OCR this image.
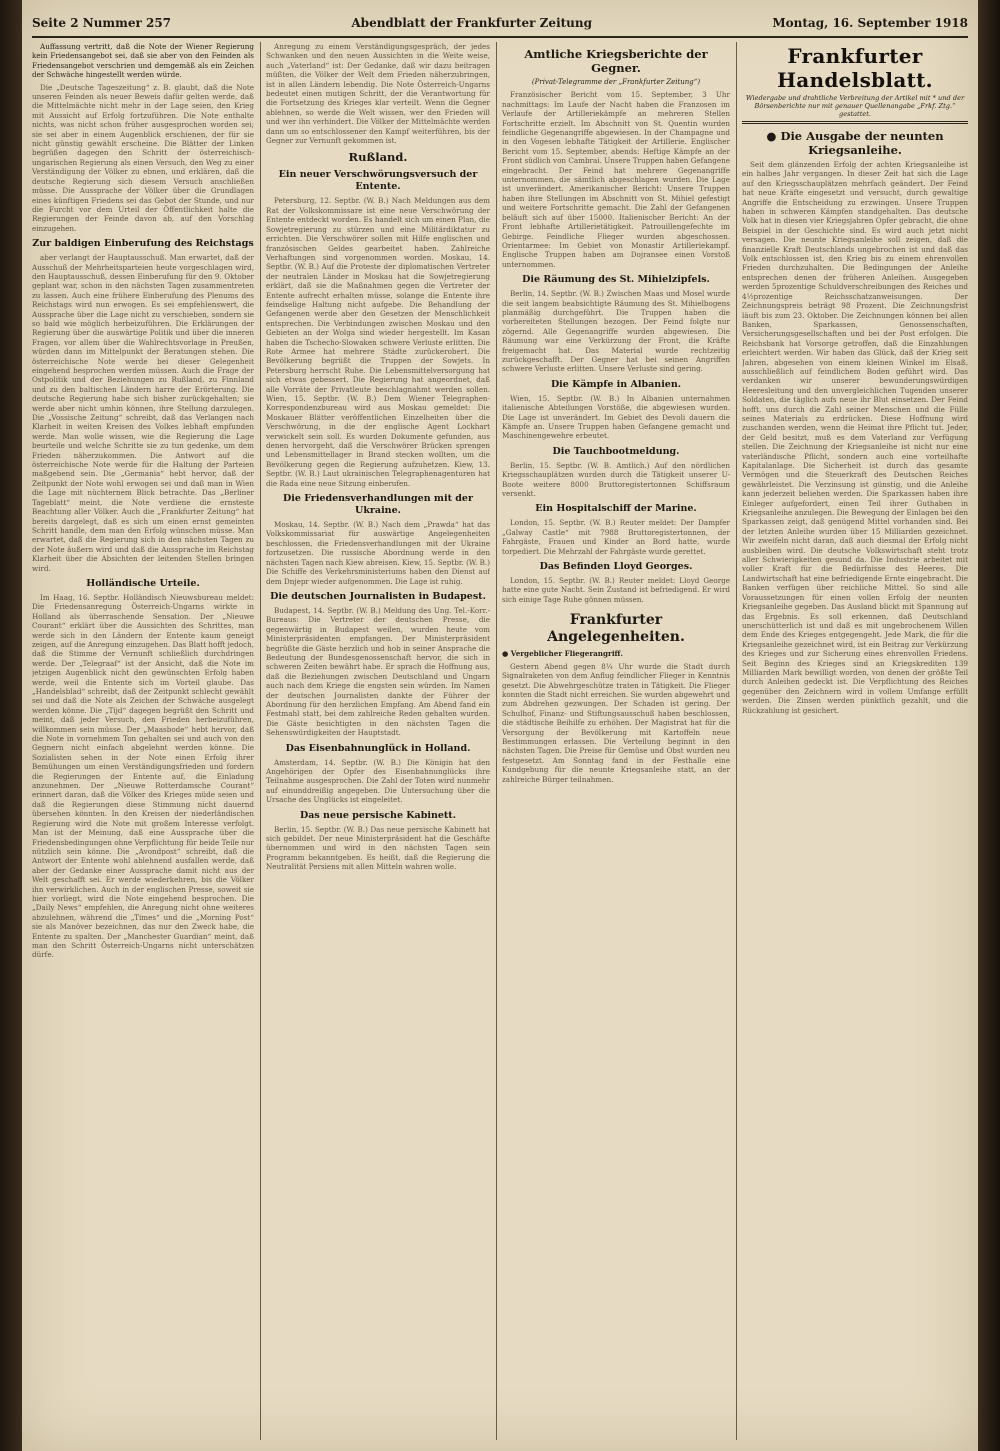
Seite 2 Nummer 257	Abendblatt der Frankfurter Zeitung	Montag, 16. September 1918

Auffassung vertritt, daß die Note der Wiener Regierung kein Friedensangebot sei, daß sie aber von den Feinden als Friedensangebot verschrien und demgemäß als ein Zeichen der Schwäche hingestellt werden würde.

Die „Deutsche Tageszeitung“ z. B. glaubt, daß die Note unseren Feinden als neuer Beweis dafür gelten werde, daß die Mittelmächte nicht mehr in der Lage seien, den Krieg mit Aussicht auf Erfolg fortzuführen. Die Note enthalte nichts, was nicht schon früher ausgesprochen worden sei; sie sei aber in einem Augenblick erschienen, der für sie nicht günstig gewählt erscheine. Die Blätter der Linken begrüßen dagegen den Schritt der österreichisch-ungarischen Regierung als einen Versuch, den Weg zu einer Verständigung der Völker zu ebnen, und erklären, daß die deutsche Regierung sich diesem Versuch anschließen müsse. Die Aussprache der Völker über die Grundlagen eines künftigen Friedens sei das Gebot der Stunde, und nur die Furcht vor dem Urteil der Öffentlichkeit halte die Regierungen der Feinde davon ab, auf den Vorschlag einzugehen.

Zur baldigen Einberufung des Reichstags

aber verlangt der Hauptausschuß. Man erwartet, daß der Ausschuß der Mehrheitsparteien heute vorgeschlagen wird, den Hauptausschuß, dessen Einberufung für den 9. Oktober geplant war, schon in den nächsten Tagen zusammentreten zu lassen. Auch eine frühere Einberufung des Plenums des Reichstags wird nun erwogen. Es sei empfehlenswert, die Aussprache über die Lage nicht zu verschieben, sondern sie so bald wie möglich herbeizuführen. Die Erklärungen der Regierung über die auswärtige Politik und über die inneren Fragen, vor allem über die Wahlrechtsvorlage in Preußen, würden dann im Mittelpunkt der Beratungen stehen. Die österreichische Note werde bei dieser Gelegenheit eingehend besprochen werden müssen. Auch die Frage der Ostpolitik und der Beziehungen zu Rußland, zu Finnland und zu den baltischen Ländern harre der Erörterung. Die deutsche Regierung habe sich bisher zurückgehalten; sie werde aber nicht umhin können, ihre Stellung darzulegen. Die „Vossische Zeitung“ schreibt, daß das Verlangen nach Klarheit in weiten Kreisen des Volkes lebhaft empfunden werde. Man wolle wissen, wie die Regierung die Lage beurteile und welche Schritte sie zu tun gedenke, um dem Frieden näherzukommen. Die Antwort auf die österreichische Note werde für die Haltung der Parteien maßgebend sein. Die „Germania“ hebt hervor, daß der Zeitpunkt der Note wohl erwogen sei und daß man in Wien die Lage mit nüchternem Blick betrachte. Das „Berliner Tageblatt“ meint, die Note verdiene die ernsteste Beachtung aller Völker. Auch die „Frankfurter Zeitung“ hat bereits dargelegt, daß es sich um einen ernst gemeinten Schritt handle, dem man den Erfolg wünschen müsse. Man erwartet, daß die Regierung sich in den nächsten Tagen zu der Note äußern wird und daß die Aussprache im Reichstag Klarheit über die Absichten der leitenden Stellen bringen wird.

Holländische Urteile.

Im Haag, 16. Septbr. Holländisch Nieuwsbureau meldet: Die Friedensanregung Österreich-Ungarns wirkte in Holland als überraschende Sensation. Der „Nieuwe Courant“ erklärt über die Aussichten des Schrittes, man werde sich in den Ländern der Entente kaum geneigt zeigen, auf die Anregung einzugehen. Das Blatt hofft jedoch, daß die Stimme der Vernunft schließlich durchdringen werde. Der „Telegraaf“ ist der Ansicht, daß die Note im jetzigen Augenblick nicht den gewünschten Erfolg haben werde, weil die Entente sich im Vorteil glaube. Das „Handelsblad“ schreibt, daß der Zeitpunkt schlecht gewählt sei und daß die Note als Zeichen der Schwäche ausgelegt werden könne. Die „Tijd“ dagegen begrüßt den Schritt und meint, daß jeder Versuch, den Frieden herbeizuführen, willkommen sein müsse. Der „Maasbode“ hebt hervor, daß die Note in vornehmem Ton gehalten sei und auch von den Gegnern nicht einfach abgelehnt werden könne. Die Sozialisten sehen in der Note einen Erfolg ihrer Bemühungen um einen Verständigungsfrieden und fordern die Regierungen der Entente auf, die Einladung anzunehmen. Der „Nieuwe Rotterdamsche Courant“ erinnert daran, daß die Völker des Krieges müde seien und daß die Regierungen diese Stimmung nicht dauernd übersehen könnten. In den Kreisen der niederländischen Regierung wird die Note mit großem Interesse verfolgt. Man ist der Meinung, daß eine Aussprache über die Friedensbedingungen ohne Verpflichtung für beide Teile nur nützlich sein könne. Die „Avondpost“ schreibt, daß die Antwort der Entente wohl ablehnend ausfallen werde, daß aber der Gedanke einer Aussprache damit nicht aus der Welt geschafft sei. Er werde wiederkehren, bis die Völker ihn verwirklichen. Auch in der englischen Presse, soweit sie hier vorliegt, wird die Note eingehend besprochen. Die „Daily News“ empfehlen, die Anregung nicht ohne weiteres abzulehnen, während die „Times“ und die „Morning Post“ sie als Manöver bezeichnen, das nur den Zweck habe, die Entente zu spalten. Der „Manchester Guardian“ meint, daß man den Schritt Österreich-Ungarns nicht unterschätzen dürfe.

Anregung zu einem Verständigungsgespräch, der jedes Schwanken und den neuen Aussichten in die Weite weise, auch „Vaterland“ ist: Der Gedanke, daß wir dazu beitragen müßten, die Völker der Welt dem Frieden näherzubringen, ist in allen Ländern lebendig. Die Note Österreich-Ungarns bedeutet einen mutigen Schritt, der die Verantwortung für die Fortsetzung des Krieges klar verteilt. Wenn die Gegner ablehnen, so werde die Welt wissen, wer den Frieden will und wer ihn verhindert. Die Völker der Mittelmächte werden dann um so entschlossener den Kampf weiterführen, bis der Gegner zur Vernunft gekommen ist.

Rußland.
Ein neuer Verschwörungsversuch der Entente.

Petersburg, 12. Septbr. (W. B.) Nach Meldungen aus dem Rat der Volkskommissare ist eine neue Verschwörung der Entente entdeckt worden. Es handelt sich um einen Plan, die Sowjetregierung zu stürzen und eine Militärdiktatur zu errichten. Die Verschwörer sollen mit Hilfe englischen und französischen Geldes gearbeitet haben. Zahlreiche Verhaftungen sind vorgenommen worden. Moskau, 14. Septbr. (W. B.) Auf die Proteste der diplomatischen Vertreter der neutralen Länder in Moskau hat die Sowjetregierung erklärt, daß sie die Maßnahmen gegen die Vertreter der Entente aufrecht erhalten müsse, solange die Entente ihre feindselige Haltung nicht aufgebe. Die Behandlung der Gefangenen werde aber den Gesetzen der Menschlichkeit entsprechen. Die Verbindungen zwischen Moskau und den Gebieten an der Wolga sind wieder hergestellt. Im Kasan haben die Tschecho-Slowaken schwere Verluste erlitten. Die Rote Armee hat mehrere Städte zurückerobert. Die Bevölkerung begrüßt die Truppen der Sowjets. In Petersburg herrscht Ruhe. Die Lebensmittelversorgung hat sich etwas gebessert. Die Regierung hat angeordnet, daß alle Vorräte der Privatleute beschlagnahmt werden sollen. Wien, 15. Septbr. (W. B.) Dem Wiener Telegraphen-Korrespondenzbureau wird aus Moskau gemeldet: Die Moskauer Blätter veröffentlichen Einzelheiten über die Verschwörung, in die der englische Agent Lockhart verwickelt sein soll. Es wurden Dokumente gefunden, aus denen hervorgeht, daß die Verschwörer Brücken sprengen und Lebensmittellager in Brand stecken wollten, um die Bevölkerung gegen die Regierung aufzuhetzen. Kiew, 13. Septbr. (W. B.) Laut ukrainischen Telegraphenagenturen hat die Rada eine neue Sitzung einberufen.

Die Friedensverhandlungen mit der Ukraine.

Moskau, 14. Septbr. (W. B.) Nach dem „Prawda“ hat das Volkskommissariat für auswärtige Angelegenheiten beschlossen, die Friedensverhandlungen mit der Ukraine fortzusetzen. Die russische Abordnung werde in den nächsten Tagen nach Kiew abreisen. Kiew, 15. Septbr. (W. B.) Die Schiffe des Verkehrsministeriums haben den Dienst auf dem Dnjepr wieder aufgenommen. Die Lage ist ruhig.

Die deutschen Journalisten in Budapest.

Budapest, 14. Septbr. (W. B.) Meldung des Ung. Tel.-Korr.-Bureaus: Die Vertreter der deutschen Presse, die gegenwärtig in Budapest weilen, wurden heute vom Ministerpräsidenten empfangen. Der Ministerpräsident begrüßte die Gäste herzlich und hob in seiner Ansprache die Bedeutung der Bundesgenossenschaft hervor, die sich in schweren Zeiten bewährt habe. Er sprach die Hoffnung aus, daß die Beziehungen zwischen Deutschland und Ungarn auch nach dem Kriege die engsten sein würden. Im Namen der deutschen Journalisten dankte der Führer der Abordnung für den herzlichen Empfang. Am Abend fand ein Festmahl statt, bei dem zahlreiche Reden gehalten wurden. Die Gäste besichtigten in den nächsten Tagen die Sehenswürdigkeiten der Hauptstadt.

Das Eisenbahnunglück in Holland.

Amsterdam, 14. Septbr. (W. B.) Die Königin hat den Angehörigen der Opfer des Eisenbahnunglücks ihre Teilnahme ausgesprochen. Die Zahl der Toten wird nunmehr auf einunddreißig angegeben. Die Untersuchung über die Ursache des Unglücks ist eingeleitet.

Das neue persische Kabinett.

Berlin, 15. Septbr. (W. B.) Das neue persische Kabinett hat sich gebildet. Der neue Ministerpräsident hat die Geschäfte übernommen und wird in den nächsten Tagen sein Programm bekanntgeben. Es heißt, daß die Regierung die Neutralität Persiens mit allen Mitteln wahren wolle.

Amtliche Kriegsberichte der Gegner.
(Privat-Telegramme der „Frankfurter Zeitung“)

Französischer Bericht vom 15. September, 3 Uhr nachmittags: Im Laufe der Nacht haben die Franzosen im Verlaufe der Artilleriekämpfe an mehreren Stellen Fortschritte erzielt. Im Abschnitt von St. Quentin wurden feindliche Gegenangriffe abgewiesen. In der Champagne und in den Vogesen lebhafte Tätigkeit der Artillerie. Englischer Bericht vom 15. September, abends: Heftige Kämpfe an der Front südlich von Cambrai. Unsere Truppen haben Gefangene eingebracht. Der Feind hat mehrere Gegenangriffe unternommen, die sämtlich abgeschlagen wurden. Die Lage ist unverändert. Amerikanischer Bericht: Unsere Truppen haben ihre Stellungen im Abschnitt von St. Mihiel gefestigt und weitere Fortschritte gemacht. Die Zahl der Gefangenen beläuft sich auf über 15000. Italienischer Bericht: An der Front lebhafte Artillerietätigkeit. Patrouillengefechte im Gebirge. Feindliche Flieger wurden abgeschossen. Orientarmee: Im Gebiet von Monastir Artilleriekampf. Englische Truppen haben am Dojransee einen Vorstoß unternommen.

Die Räumung des St. Mihielzipfels.

Berlin, 14. Septbr. (W. B.) Zwischen Maas und Mosel wurde die seit langem beabsichtigte Räumung des St. Mihielbogens planmäßig durchgeführt. Die Truppen haben die vorbereiteten Stellungen bezogen. Der Feind folgte nur zögernd. Alle Gegenangriffe wurden abgewiesen. Die Räumung war eine Verkürzung der Front, die Kräfte freigemacht hat. Das Material wurde rechtzeitig zurückgeschafft. Der Gegner hat bei seinen Angriffen schwere Verluste erlitten. Unsere Verluste sind gering.

Die Kämpfe in Albanien.

Wien, 15. Septbr. (W. B.) In Albanien unternahmen italienische Abteilungen Vorstöße, die abgewiesen wurden. Die Lage ist unverändert. Im Gebiet des Devoli dauern die Kämpfe an. Unsere Truppen haben Gefangene gemacht und Maschinengewehre erbeutet.

Die Tauchbootmeldung.

Berlin, 15. Septbr. (W. B. Amtlich.) Auf den nördlichen Kriegsschauplätzen wurden durch die Tätigkeit unserer U-Boote weitere 8000 Bruttoregistertonnen Schiffsraum versenkt.

Ein Hospitalschiff der Marine.

London, 15. Septbr. (W. B.) Reuter meldet: Der Dampfer „Galway Castle“ mit 7988 Bruttoregistertonnen, der Fahrgäste, Frauen und Kinder an Bord hatte, wurde torpediert. Die Mehrzahl der Fahrgäste wurde gerettet.

Das Befinden Lloyd Georges.

London, 15. Septbr. (W. B.) Reuter meldet: Lloyd George hatte eine gute Nacht. Sein Zustand ist befriedigend. Er wird sich einige Tage Ruhe gönnen müssen.

Frankfurter Angelegenheiten.

● Vergeblicher Fliegerangriff.

Gestern Abend gegen 8¼ Uhr wurde die Stadt durch Signalraketen von dem Anflug feindlicher Flieger in Kenntnis gesetzt. Die Abwehrgeschütze traten in Tätigkeit. Die Flieger konnten die Stadt nicht erreichen. Sie wurden abgewehrt und zum Abdrehen gezwungen. Der Schaden ist gering. Der Schulhof, Finanz- und Stiftungsausschuß haben beschlossen, die städtische Beihilfe zu erhöhen. Der Magistrat hat für die Versorgung der Bevölkerung mit Kartoffeln neue Bestimmungen erlassen. Die Verteilung beginnt in den nächsten Tagen. Die Preise für Gemüse und Obst wurden neu festgesetzt. Am Sonntag fand in der Festhalle eine Kundgebung für die neunte Kriegsanleihe statt, an der zahlreiche Bürger teilnahmen.

Frankfurter Handelsblatt.
Wiedergabe und drahtliche Verbreitung der Artikel mit * und der Börsenberichte nur mit genauer Quellenangabe „Frkf. Ztg.“ gestattet.
● Die Ausgabe der neunten Kriegsanleihe.

Seit dem glänzenden Erfolg der achten Kriegsanleihe ist ein halbes Jahr vergangen. In dieser Zeit hat sich die Lage auf den Kriegsschauplätzen mehrfach geändert. Der Feind hat neue Kräfte eingesetzt und versucht, durch gewaltige Angriffe die Entscheidung zu erzwingen. Unsere Truppen haben in schweren Kämpfen standgehalten. Das deutsche Volk hat in diesen vier Kriegsjahren Opfer gebracht, die ohne Beispiel in der Geschichte sind. Es wird auch jetzt nicht versagen. Die neunte Kriegsanleihe soll zeigen, daß die finanzielle Kraft Deutschlands ungebrochen ist und daß das Volk entschlossen ist, den Krieg bis zu einem ehrenvollen Frieden durchzuhalten. Die Bedingungen der Anleihe entsprechen denen der früheren Anleihen. Ausgegeben werden 5prozentige Schuldverschreibungen des Reiches und 4½prozentige Reichsschatzanweisungen. Der Zeichnungspreis beträgt 98 Prozent. Die Zeichnungsfrist läuft bis zum 23. Oktober. Die Zeichnungen können bei allen Banken, Sparkassen, Genossenschaften, Versicherungsgesellschaften und bei der Post erfolgen. Die Reichsbank hat Vorsorge getroffen, daß die Einzahlungen erleichtert werden. Wir haben das Glück, daß der Krieg seit Jahren, abgesehen von einem kleinen Winkel im Elsaß, ausschließlich auf feindlichem Boden geführt wird. Das verdanken wir unserer bewunderungswürdigen Heeresleitung und den unvergleichlichen Tugenden unserer Soldaten, die täglich aufs neue ihr Blut einsetzen. Der Feind hofft, uns durch die Zahl seiner Menschen und die Fülle seines Materials zu erdrücken. Diese Hoffnung wird zuschanden werden, wenn die Heimat ihre Pflicht tut. Jeder, der Geld besitzt, muß es dem Vaterland zur Verfügung stellen. Die Zeichnung der Kriegsanleihe ist nicht nur eine vaterländische Pflicht, sondern auch eine vorteilhafte Kapitalanlage. Die Sicherheit ist durch das gesamte Vermögen und die Steuerkraft des Deutschen Reiches gewährleistet. Die Verzinsung ist günstig, und die Anleihe kann jederzeit beliehen werden. Die Sparkassen haben ihre Einleger aufgefordert, einen Teil ihrer Guthaben in Kriegsanleihe anzulegen. Die Bewegung der Einlagen bei den Sparkassen zeigt, daß genügend Mittel vorhanden sind. Bei der letzten Anleihe wurden über 15 Milliarden gezeichnet. Wir zweifeln nicht daran, daß auch diesmal der Erfolg nicht ausbleiben wird. Die deutsche Volkswirtschaft steht trotz aller Schwierigkeiten gesund da. Die Industrie arbeitet mit voller Kraft für die Bedürfnisse des Heeres. Die Landwirtschaft hat eine befriedigende Ernte eingebracht. Die Banken verfügen über reichliche Mittel. So sind alle Voraussetzungen für einen vollen Erfolg der neunten Kriegsanleihe gegeben. Das Ausland blickt mit Spannung auf das Ergebnis. Es soll erkennen, daß Deutschland unerschütterlich ist und daß es mit ungebrochenem Willen dem Ende des Krieges entgegengeht. Jede Mark, die für die Kriegsanleihe gezeichnet wird, ist ein Beitrag zur Verkürzung des Krieges und zur Sicherung eines ehrenvollen Friedens. Seit Beginn des Krieges sind an Kriegskrediten 139 Milliarden Mark bewilligt worden, von denen der größte Teil durch Anleihen gedeckt ist. Die Verpflichtung des Reiches gegenüber den Zeichnern wird in vollem Umfange erfüllt werden. Die Zinsen werden pünktlich gezahlt, und die Rückzahlung ist gesichert.
